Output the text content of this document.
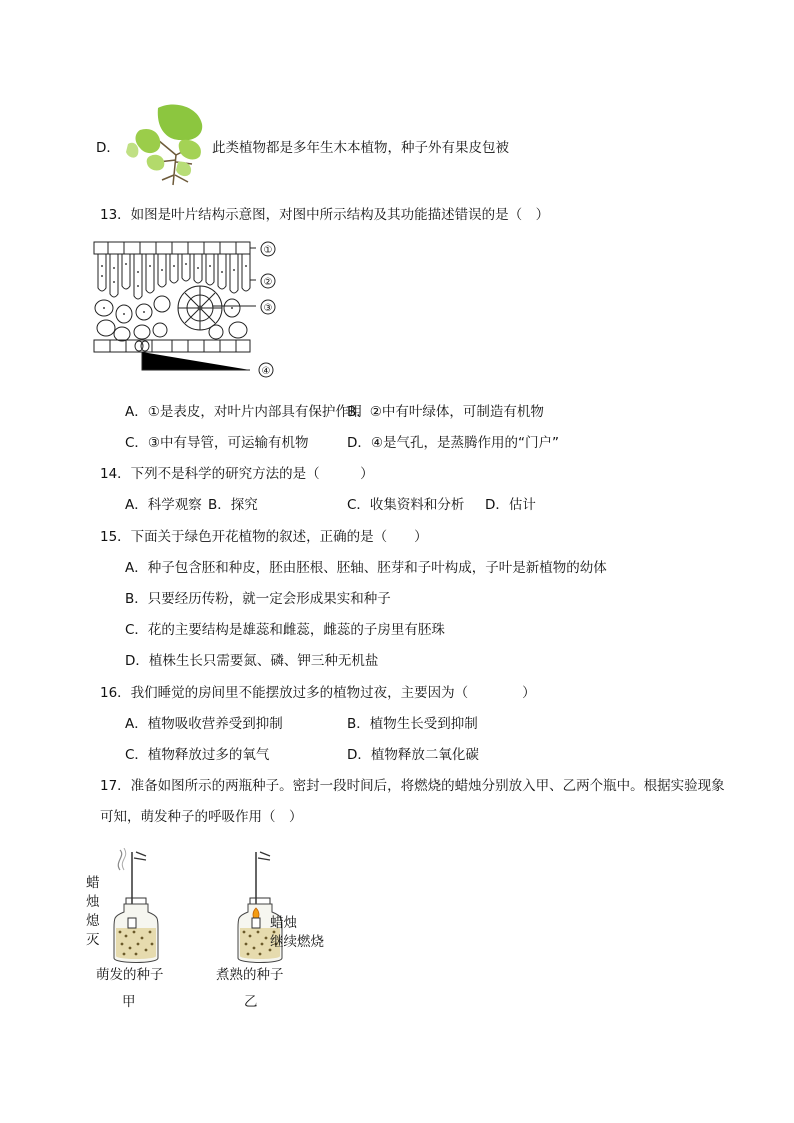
D．	此类植物都是多年生木本植物，种子外有果皮包被
13．如图是叶片结构示意图，对图中所示结构及其功能描述错误的是（　）
①
②
③
④
A．①是表皮，对叶片内部具有保护作用
B．②中有叶绿体，可制造有机物
C．③中有导管，可运输有机物	D．④是气孔，是蒸腾作用的“门户”
14．下列不是科学的研究方法的是（　　　）
A．科学观察 B．探究	C．收集资料和分析 D．估计
15．下面关于绿色开花植物的叙述，正确的是（　　）
A．种子包含胚和种皮，胚由胚根、胚轴、胚芽和子叶构成，子叶是新植物的幼体
B．只要经历传粉，就一定会形成果实和种子
C．花的主要结构是雄蕊和雌蕊，雌蕊的子房里有胚珠
D．植株生长只需要氮、磷、钾三种无机盐
16．我们睡觉的房间里不能摆放过多的植物过夜，主要因为（　　　　）
A．植物吸收营养受到抑制	B．植物生长受到抑制
C．植物释放过多的氧气	D．植物释放二氧化碳
17．准备如图所示的两瓶种子。密封一段时间后，将燃烧的蜡烛分别放入甲、乙两个瓶中。根据实验现象
可知，萌发种子的呼吸作用（　）
蜡
烛
熄
灭
萌发的种子
甲
蜡烛
继续燃烧
煮熟的种子
乙
